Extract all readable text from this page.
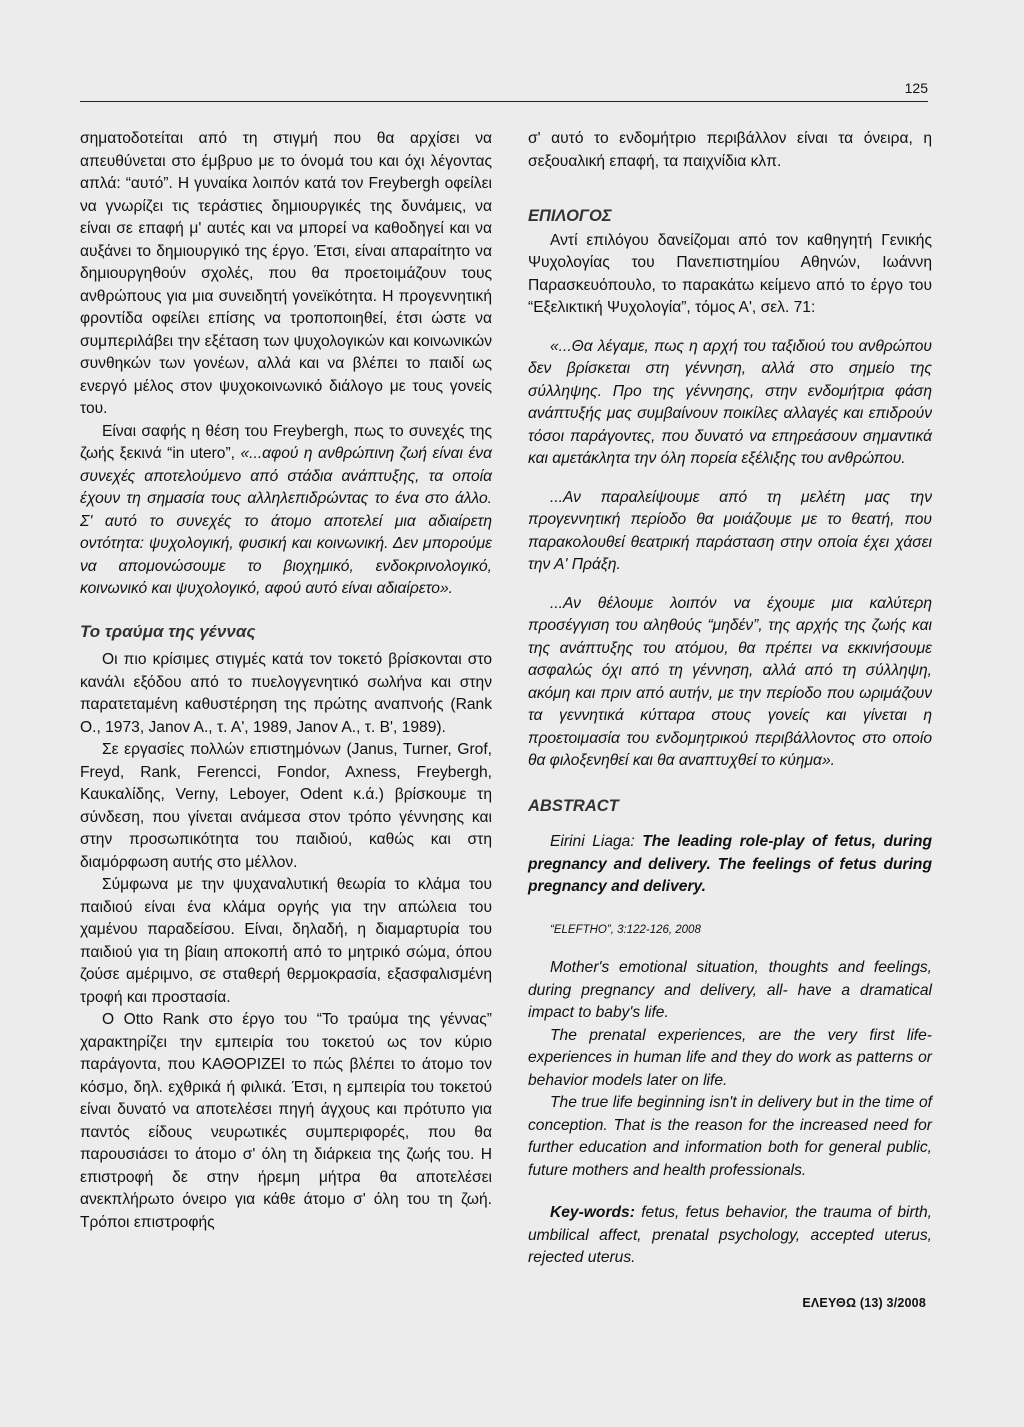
125

σηματοδοτείται από τη στιγμή που θα αρχίσει να απευθύνεται στο έμβρυο με το όνομά του και όχι λέγοντας απλά: “αυτό”. Η γυναίκα λοιπόν κατά τον Freybergh οφείλει να γνωρίζει τις τεράστιες δημιουργικές της δυνάμεις, να είναι σε επαφή μ' αυτές και να μπορεί να καθοδηγεί και να αυξάνει το δημιουργικό της έργο. Έτσι, είναι απαραίτητο να δημιουργηθούν σχολές, που θα προετοιμάζουν τους ανθρώπους για μια συνειδητή γονεϊκότητα. Η προγεννητική φροντίδα οφείλει επίσης να τροποποιηθεί, έτσι ώστε να συμπεριλάβει την εξέταση των ψυχολογικών και κοινωνικών συνθηκών των γονέων, αλλά και να βλέπει το παιδί ως ενεργό μέλος στον ψυχοκοινωνικό διάλογο με τους γονείς του.

Είναι σαφής η θέση του Freybergh, πως το συνεχές της ζωής ξεκινά “in utero”, «...αφού η ανθρώπινη ζωή είναι ένα συνεχές αποτελούμενο από στάδια ανάπτυξης, τα οποία έχουν τη σημασία τους αλληλεπιδρώντας το ένα στο άλλο. Σ' αυτό το συνεχές το άτομο αποτελεί μια αδιαίρετη οντότητα: ψυχολογική, φυσική και κοινωνική. Δεν μπορούμε να απομονώσουμε το βιοχημικό, ενδοκρινολογικό, κοινωνικό και ψυχολογικό, αφού αυτό είναι αδιαίρετο».

Το τραύμα της γέννας

Οι πιο κρίσιμες στιγμές κατά τον τοκετό βρίσκονται στο κανάλι εξόδου από το πυελογγενητικό σωλήνα και στην παρατεταμένη καθυστέρηση της πρώτης αναπνοής (Rank O., 1973, Janov A., τ. Α', 1989, Janov A., τ. Β', 1989).

Σε εργασίες πολλών επιστημόνων (Janus, Turner, Grof, Freyd, Rank, Ferencci, Fondor, Axness, Freybergh, Καυκαλίδης, Verny, Leboyer, Odent κ.ά.) βρίσκουμε τη σύνδεση, που γίνεται ανάμεσα στον τρόπο γέννησης και στην προσωπικότητα του παιδιού, καθώς και στη διαμόρφωση αυτής στο μέλλον.

Σύμφωνα με την ψυχαναλυτική θεωρία το κλάμα του παιδιού είναι ένα κλάμα οργής για την απώλεια του χαμένου παραδείσου. Είναι, δηλαδή, η διαμαρτυρία του παιδιού για τη βίαιη αποκοπή από το μητρικό σώμα, όπου ζούσε αμέριμνο, σε σταθερή θερμοκρασία, εξασφαλισμένη τροφή και προστασία.

Ο Otto Rank στο έργο του “Το τραύμα της γέννας” χαρακτηρίζει την εμπειρία του τοκετού ως τον κύριο παράγοντα, που ΚΑΘΟΡΙΖΕΙ το πώς βλέπει το άτομο τον κόσμο, δηλ. εχθρικά ή φιλικά. Έτσι, η εμπειρία του τοκετού είναι δυνατό να αποτελέσει πηγή άγχους και πρότυπο για παντός είδους νευρωτικές συμπεριφορές, που θα παρουσιάσει το άτομο σ' όλη τη διάρκεια της ζωής του. Η επιστροφή δε στην ήρεμη μήτρα θα αποτελέσει ανεκπλήρωτο όνειρο για κάθε άτομο σ' όλη του τη ζωή. Τρόποι επιστροφής

σ' αυτό το ενδομήτριο περιβάλλον είναι τα όνειρα, η σεξουαλική επαφή, τα παιχνίδια κλπ.

ΕΠΙΛΟΓΟΣ

Αντί επιλόγου δανείζομαι από τον καθηγητή Γενικής Ψυχολογίας του Πανεπιστημίου Αθηνών, Ιωάννη Παρασκευόπουλο, το παρακάτω κείμενο από το έργο του “Εξελικτική Ψυχολογία”, τόμος Α', σελ. 71:

«...Θα λέγαμε, πως η αρχή του ταξιδιού του ανθρώπου δεν βρίσκεται στη γέννηση, αλλά στο σημείο της σύλληψης. Προ της γέννησης, στην ενδομήτρια φάση ανάπτυξής μας συμβαίνουν ποικίλες αλλαγές και επιδρούν τόσοι παράγοντες, που δυνατό να επηρεάσουν σημαντικά και αμετάκλητα την όλη πορεία εξέλιξης του ανθρώπου.

...Αν παραλείψουμε από τη μελέτη μας την προγεννητική περίοδο θα μοιάζουμε με το θεατή, που παρακολουθεί θεατρική παράσταση στην οποία έχει χάσει την Α' Πράξη.

...Αν θέλουμε λοιπόν να έχουμε μια καλύτερη προσέγγιση του αληθούς “μηδέν”, της αρχής της ζωής και της ανάπτυξης του ατόμου, θα πρέπει να εκκινήσουμε ασφαλώς όχι από τη γέννηση, αλλά από τη σύλληψη, ακόμη και πριν από αυτήν, με την περίοδο που ωριμάζουν τα γεννητικά κύτταρα στους γονείς και γίνεται η προετοιμασία του ενδομητρικού περιβάλλοντος στο οποίο θα φιλοξενηθεί και θα αναπτυχθεί το κύημα».

ABSTRACT

Eirini Liaga: The leading role-play of fetus, during pregnancy and delivery. The feelings of fetus during pregnancy and delivery.

“ELEFTHO”, 3:122-126, 2008

Mother's emotional situation, thoughts and feelings, during pregnancy and delivery, all- have a dramatical impact to baby's life.

The prenatal experiences, are the very first life-experiences in human life and they do work as patterns or behavior models later on life.

The true life beginning isn't in delivery but in the time of conception. That is the reason for the increased need for further education and information both for general public, future mothers and health professionals.

Key-words: fetus, fetus behavior, the trauma of birth, umbilical affect, prenatal psychology, accepted uterus, rejected uterus.

ΕΛΕΥΘΩ (13) 3/2008
